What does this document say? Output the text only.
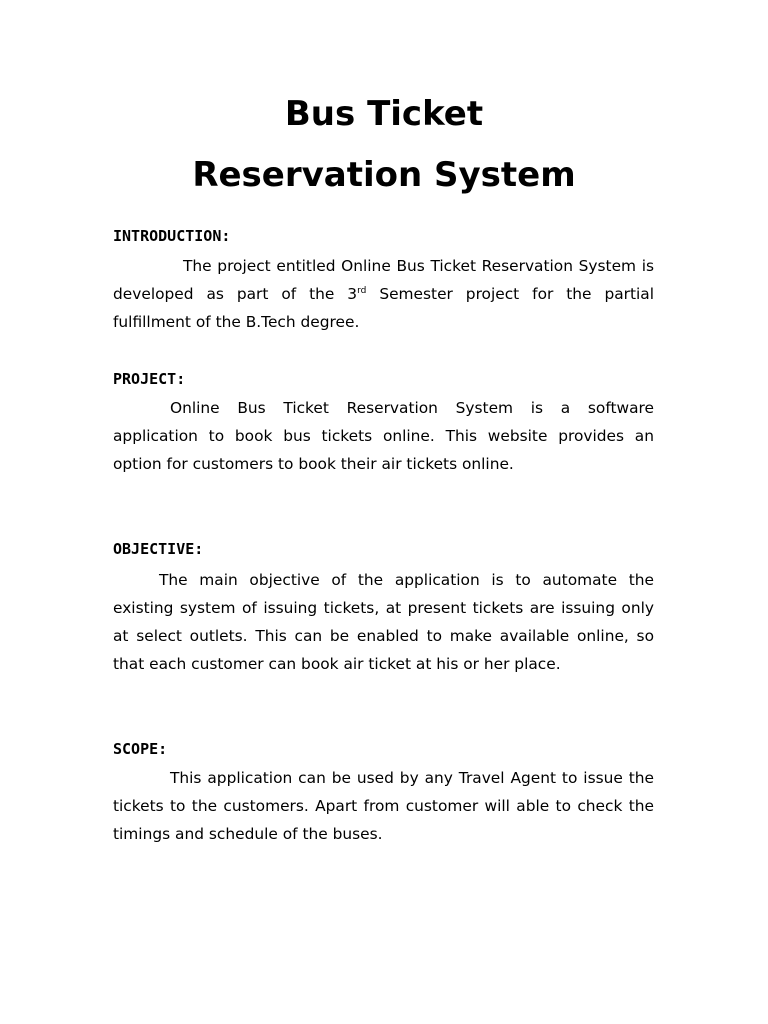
Bus Ticket
Reservation System
INTRODUCTION:

The project entitled Online Bus Ticket Reservation System is developed as part of the 3rd Semester project for the partial fulfillment of the B.Tech degree.

PROJECT:

Online Bus Ticket Reservation System is a software application to book bus tickets online. This website provides an option for customers to book their air tickets online.

OBJECTIVE:

The main objective of the application is to automate the existing system of issuing tickets, at present tickets are issuing only at select outlets. This can be enabled to make available online, so that each customer can book air ticket at his or her place.

SCOPE:

This application can be used by any Travel Agent to issue the tickets to the customers. Apart from customer will able to check the timings and schedule of the buses.
